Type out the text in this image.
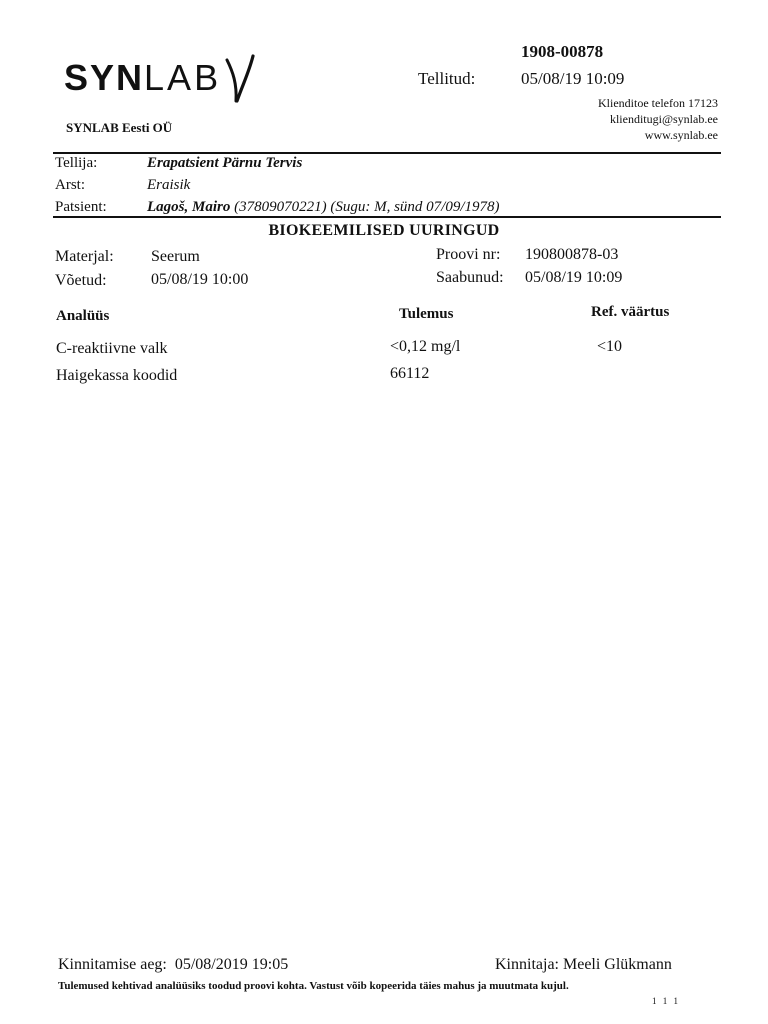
SYNLAB
SYNLAB Eesti OÜ
1908-00878
Tellitud:	05/08/19 10:09
Klienditoe telefon 17123
klienditugi@synlab.ee
www.synlab.ee
Tellija:	Erapatsient Pärnu Tervis
Arst:	Eraisik
Patsient:	Lagoš, Mairo (37809070221) (Sugu: M, sünd 07/09/1978)
BIOKEEMILISED UURINGUD
Materjal: Seerum
Võetud:	05/08/19 10:00
Proovi nr: 190800878-03
Saabunud: 05/08/19 10:09
Analüüs	Tulemus	Ref. väärtus
C-reaktiivne valk	<0,12 mg/l	<10
Haigekassa koodid	66112
Kinnitamise aeg: 05/08/2019 19:05	Kinnitaja: Meeli Glükmann
Tulemused kehtivad analüüsiks toodud proovi kohta. Vastust võib kopeerida täies mahus ja muutmata kujul.
1 1 1
